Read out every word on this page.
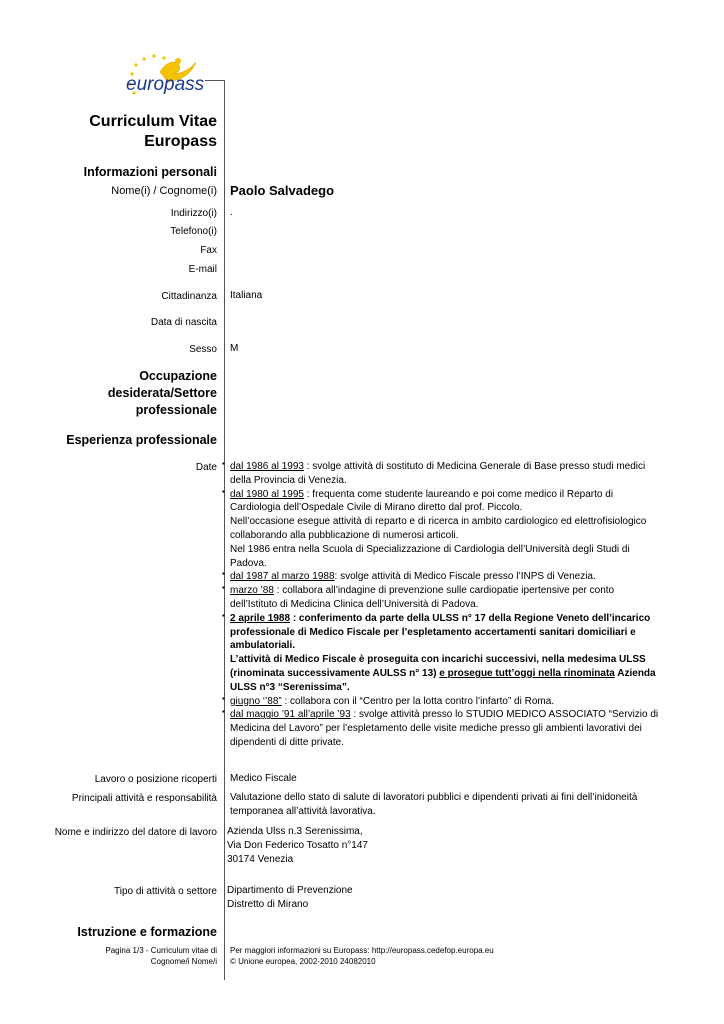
europass
Curriculum Vitae
Europass
Informazioni personali
Nome(i) / Cognome(i) Paolo Salvadego
Indirizzo(i) .
Telefono(i)
Fax
E-mail
Cittadinanza Italiana
Data di nascita
Sesso M
Occupazione
desiderata/Settore
professionale
Esperienza professionale
Date ▪ dal 1986 al 1993 : svolge attività di sostituto di Medicina Generale di Base presso studi medici della Provincia di Venezia.
▪ dal 1980 al 1995 : frequenta come studente laureando e poi come medico il Reparto di Cardiologia dell’Ospedale Civile di Mirano diretto dal prof. Piccolo.
Nell’occasione esegue attività di reparto e di ricerca in ambito cardiologico ed elettrofisiologico collaborando alla pubblicazione di numerosi articoli.
Nel 1986 entra nella Scuola di Specializzazione di Cardiologia dell’Università degli Studi di Padova.
▪ dal 1987 al marzo 1988: svolge attività di Medico Fiscale presso l’INPS di Venezia.
▪ marzo ’88 : collabora all’indagine di prevenzione sulle cardiopatie ipertensive per conto dell’Istituto di Medicina Clinica dell’Università di Padova.
▪ 2 aprile 1988 : conferimento da parte della ULSS n° 17 della Regione Veneto dell’incarico professionale di Medico Fiscale per l’espletamento accertamenti sanitari domiciliari e ambulatoriali.
L’attività di Medico Fiscale è proseguita con incarichi successivi, nella medesima ULSS (rinominata successivamente AULSS n° 13) e prosegue tutt’oggi nella rinominata Azienda ULSS n°3 “Serenissima”.
▪ giugno ‘’88” : collabora con il “Centro per la lotta contro l’infarto” di Roma.
▪ dal maggio ’91 all’aprile ’93 : svolge attività presso lo STUDIO MEDICO ASSOCIATO “Servizio di Medicina del Lavoro” per l’espletamento delle visite mediche presso gli ambienti lavorativi dei dipendenti di ditte private.
Lavoro o posizione ricoperti Medico Fiscale
Principali attività e responsabilità Valutazione dello stato di salute di lavoratori pubblici e dipendenti privati ai fini dell’inidoneità temporanea all’attività lavorativa.
Nome e indirizzo del datore di lavoro Azienda Ulss n.3 Serenissima,
Via Don Federico Tosatto n°147
30174 Venezia
Tipo di attività o settore Dipartimento di Prevenzione
Distretto di Mirano
Istruzione e formazione
Pagina 1/3 - Curriculum vitae di
Cognome/i Nome/i
Per maggiori informazioni su Europass: http://europass.cedefop.europa.eu
© Unione europea, 2002-2010 24082010
